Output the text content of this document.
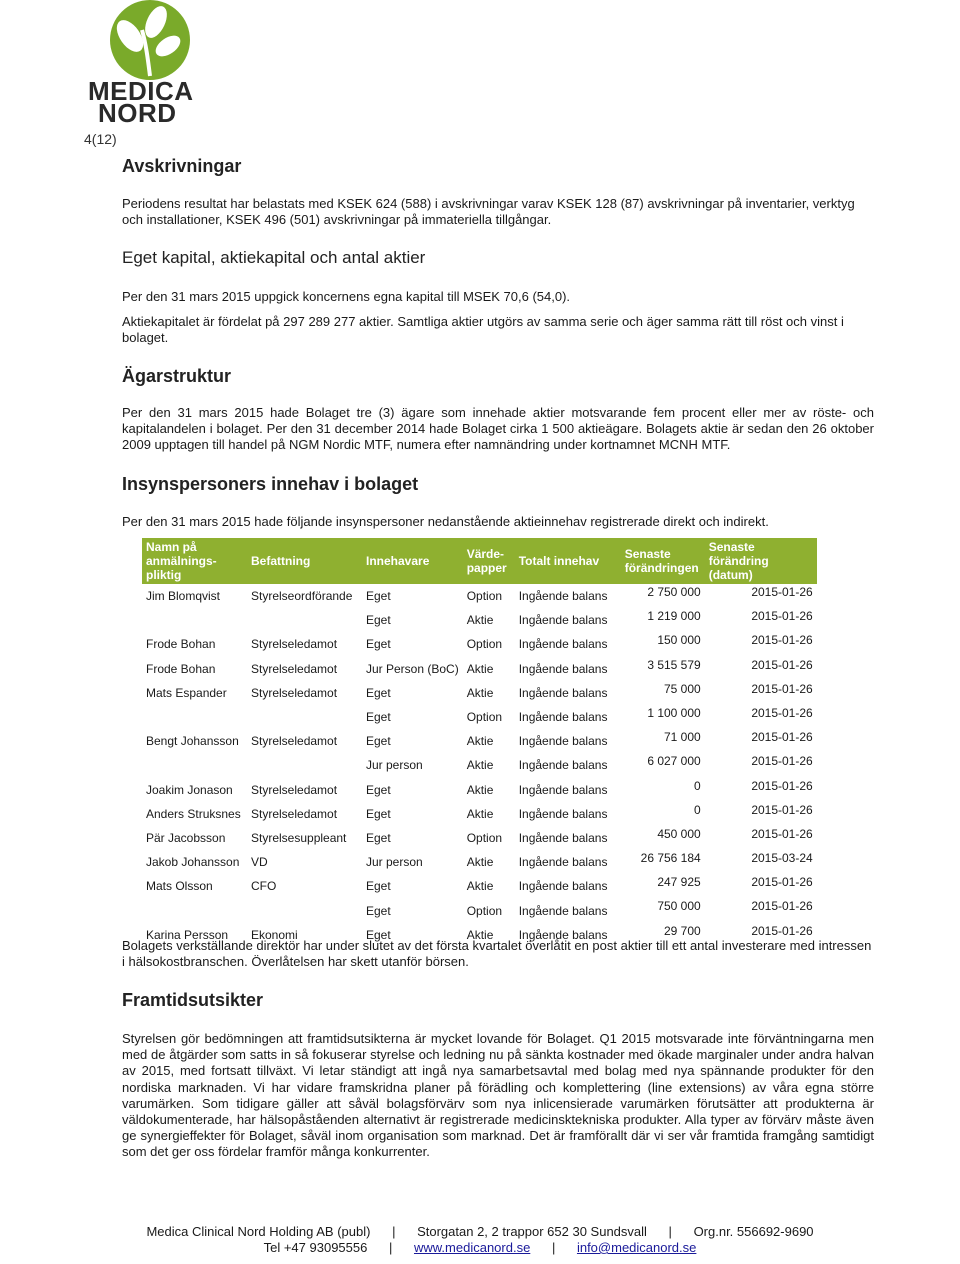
MEDICA
NORD
4(12)
Avskrivningar

Periodens resultat har belastats med KSEK 624 (588) i avskrivningar varav KSEK 128 (87) avskrivningar på inventarier, verktyg och installationer, KSEK 496 (501) avskrivningar på immateriella tillgångar.

Eget kapital, aktiekapital och antal aktier

Per den 31 mars 2015 uppgick koncernens egna kapital till MSEK 70,6 (54,0).

Aktiekapitalet är fördelat på 297 289 277 aktier. Samtliga aktier utgörs av samma serie och äger samma rätt till röst och vinst i bolaget.

Ägarstruktur

Per den 31 mars 2015 hade Bolaget tre (3) ägare som innehade aktier motsvarande fem procent eller mer av röste- och kapitalandelen i bolaget. Per den 31 december 2014 hade Bolaget cirka 1 500 aktieägare. Bolagets aktie är sedan den 26 oktober 2009 upptagen till handel på NGM Nordic MTF, numera efter namnändring under kortnamnet MCNH MTF.

Insynspersoners innehav i bolaget

Per den 31 mars 2015 hade följande insynspersoner nedanstående aktieinnehav registrerade direkt och indirekt.

Namn på anmälnings-pliktig	Befattning	Innehavare	Värde-papper	Totalt innehav	Senaste förändringen	Senaste förändring (datum)
Jim Blomqvist	Styrelseordförande	Eget	Option	Ingående balans	2 750 000	2015-01-26
		Eget	Aktie	Ingående balans	1 219 000	2015-01-26
Frode Bohan	Styrelseledamot	Eget	Option	Ingående balans	150 000	2015-01-26
Frode Bohan	Styrelseledamot	Jur Person (BoC)	Aktie	Ingående balans	3 515 579	2015-01-26
Mats Espander	Styrelseledamot	Eget	Aktie	Ingående balans	75 000	2015-01-26
		Eget	Option	Ingående balans	1 100 000	2015-01-26
Bengt Johansson	Styrelseledamot	Eget	Aktie	Ingående balans	71 000	2015-01-26
		Jur person	Aktie	Ingående balans	6 027 000	2015-01-26
Joakim Jonason	Styrelseledamot	Eget	Aktie	Ingående balans	0	2015-01-26
Anders Struksnes	Styrelseledamot	Eget	Aktie	Ingående balans	0	2015-01-26
Pär Jacobsson	Styrelsesuppleant	Eget	Option	Ingående balans	450 000	2015-01-26
Jakob Johansson	VD	Jur person	Aktie	Ingående balans	26 756 184	2015-03-24
Mats Olsson	CFO	Eget	Aktie	Ingående balans	247 925	2015-01-26
		Eget	Option	Ingående balans	750 000	2015-01-26
Karina Persson	Ekonomi	Eget	Aktie	Ingående balans	29 700	2015-01-26

Bolagets verkställande direktör har under slutet av det första kvartalet överlåtit en post aktier till ett antal investerare med intressen i hälsokostbranschen. Överlåtelsen har skett utanför börsen.

Framtidsutsikter

Styrelsen gör bedömningen att framtidsutsikterna är mycket lovande för Bolaget. Q1 2015 motsvarade inte förväntningarna men med de åtgärder som satts in så fokuserar styrelse och ledning nu på sänkta kostnader med ökade marginaler under andra halvan av 2015, med fortsatt tillväxt. Vi letar ständigt att ingå nya samarbetsavtal med bolag med nya spännande produkter för den nordiska marknaden. Vi har vidare framskridna planer på förädling och komplettering (line extensions) av våra egna större varumärken. Som tidigare gäller att såväl bolagsförvärv som nya inlicensierade varumärken förutsätter att produkterna är väldokumenterade, har hälsopåståenden alternativt är registrerade medicinsktekniska produkter. Alla typer av förvärv måste även ge synergieffekter för Bolaget, såväl inom organisation som marknad. Det är framförallt där vi ser vår framtida framgång samtidigt som det ger oss fördelar framför många konkurrenter.

Medica Clinical Nord Holding AB (publ) | Storgatan 2, 2 trappor 652 30 Sundsvall | Org.nr. 556692-9690
Tel +47 93095556 | www.medicanord.se | info@medicanord.se
